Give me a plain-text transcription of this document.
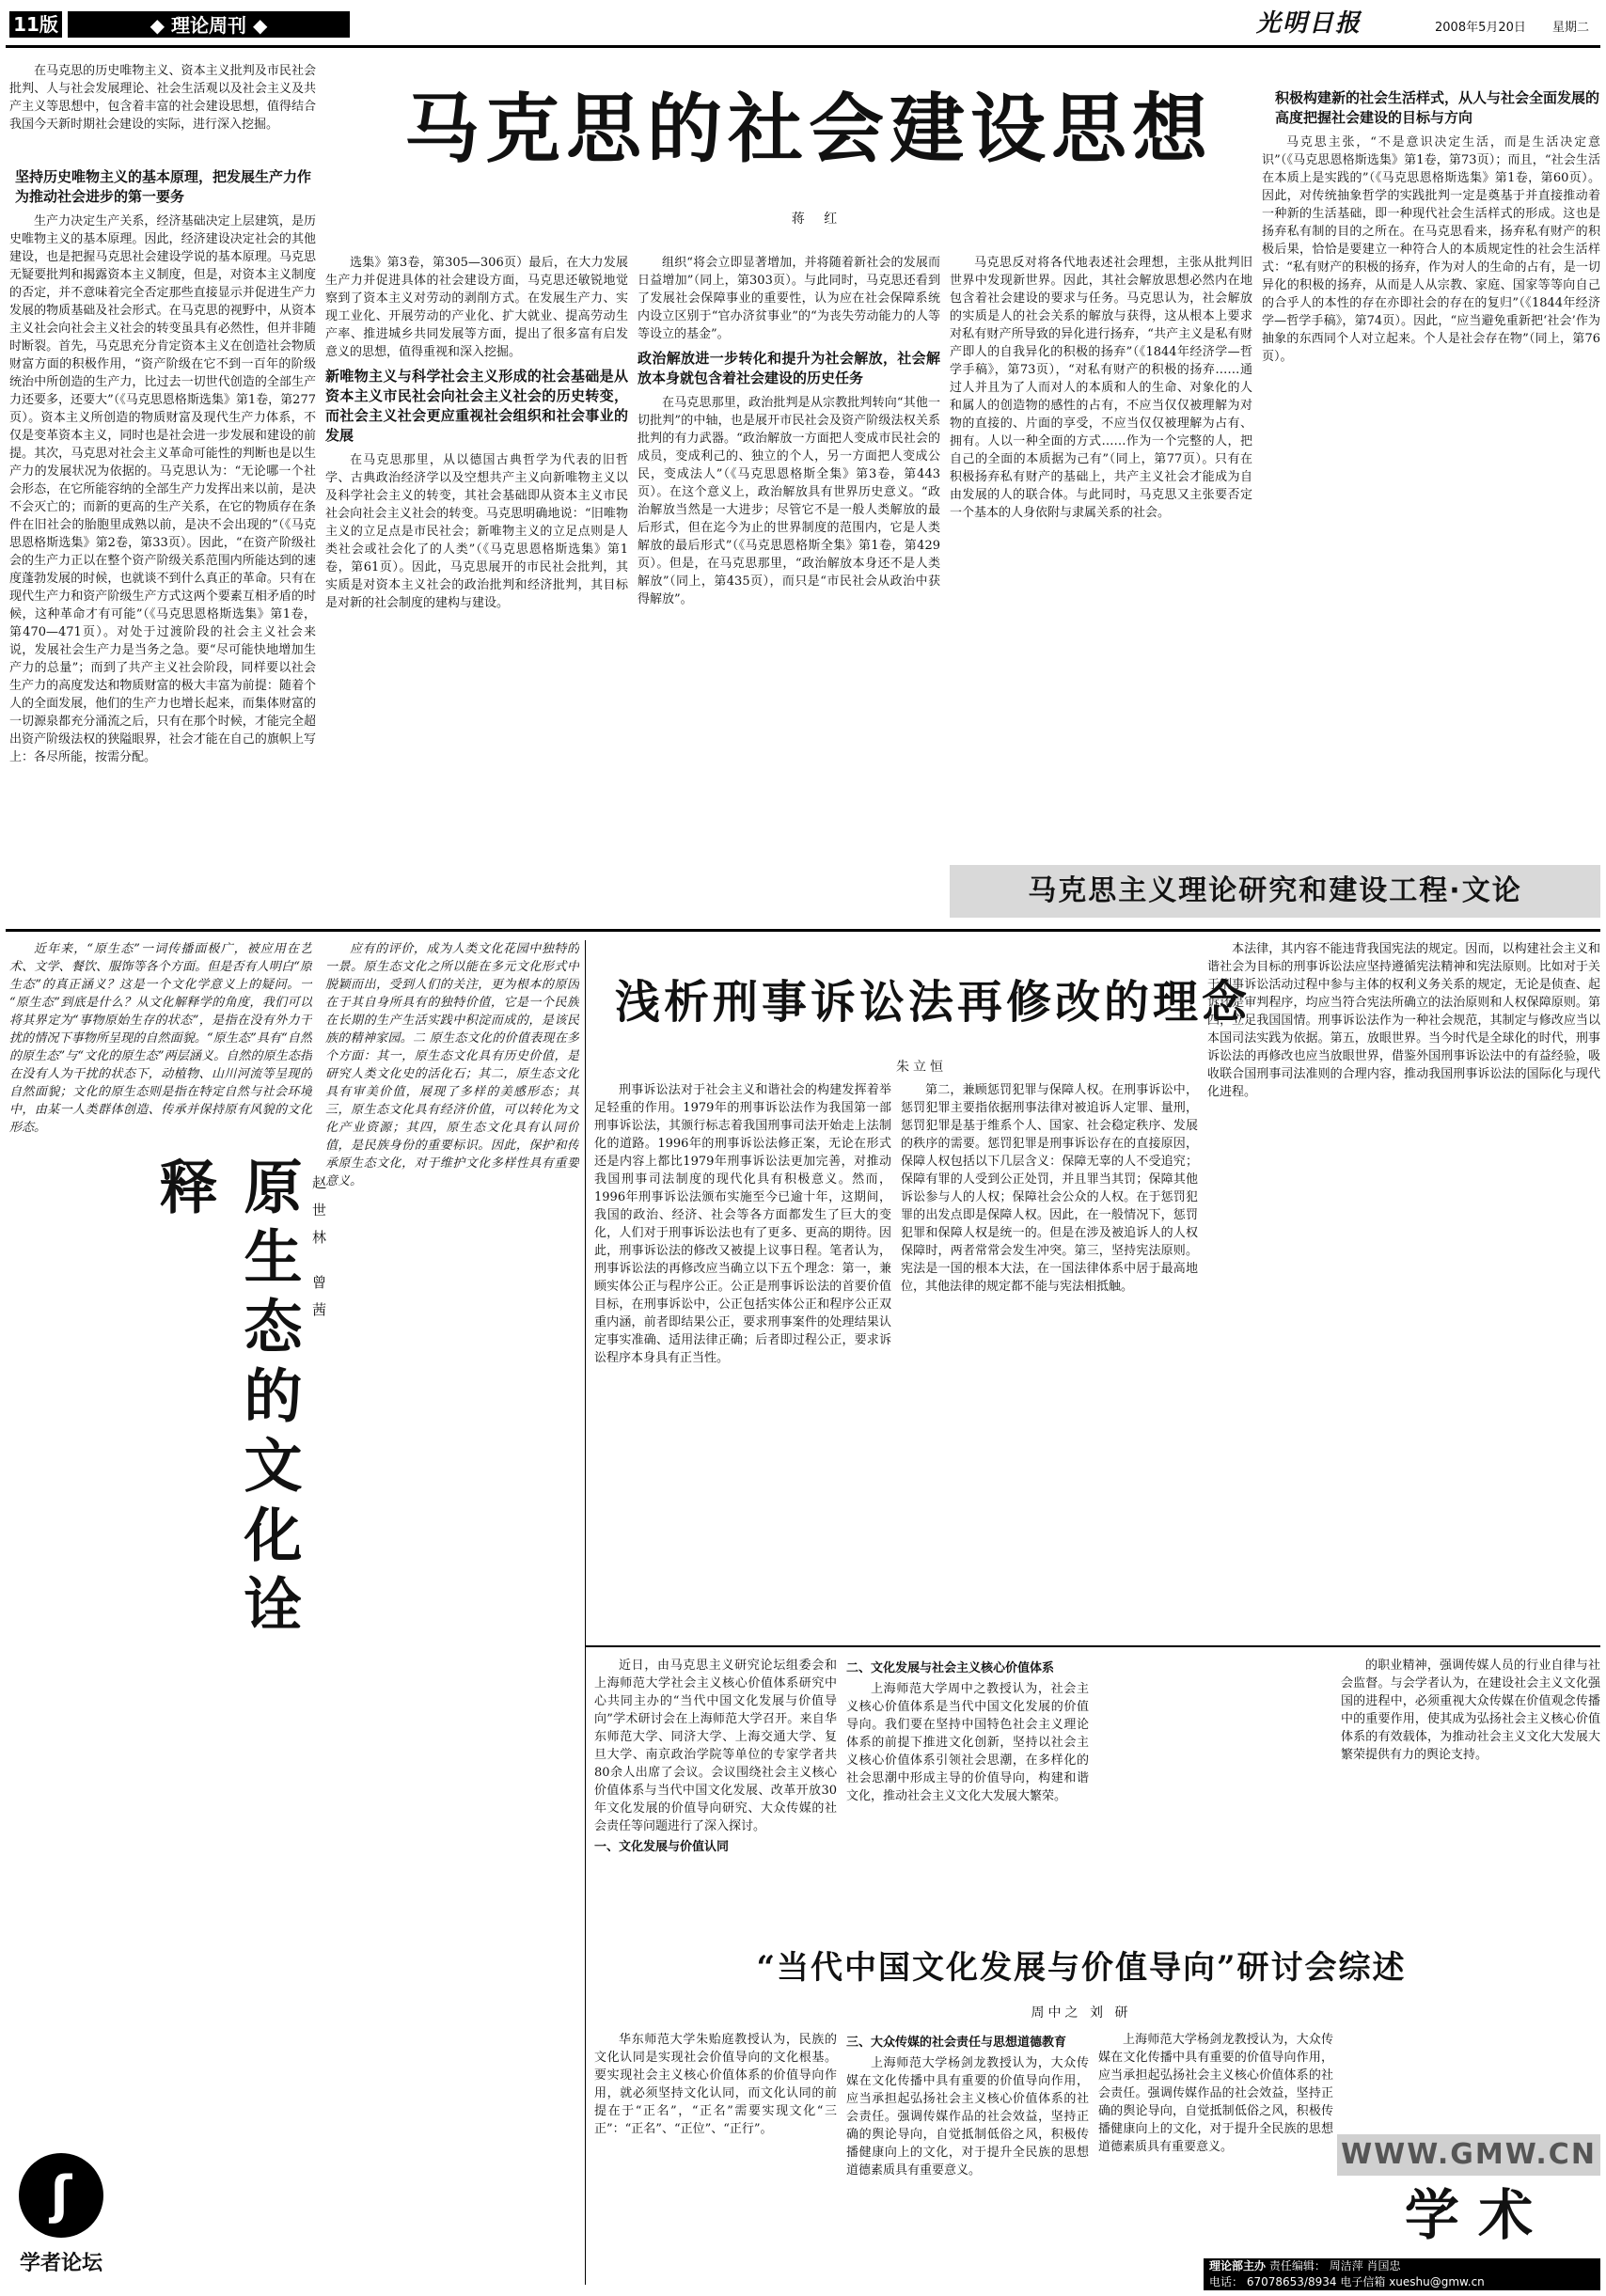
11版	◆ 理论周刊 ◆	光明日报	2008年5月20日	星期二
马克思的社会建设思想
蒋 红

在马克思的历史唯物主义、资本主义批判及市民社会批判、人与社会发展理论、社会生活观以及社会主义及共产主义等思想中，包含着丰富的社会建设思想，值得结合我国今天新时期社会建设的实际，进行深入挖掘。

坚持历史唯物主义的基本原理，把发展生产力作为推动社会进步的第一要务

生产力决定生产关系，经济基础决定上层建筑，是历史唯物主义的基本原理。因此，经济建设决定社会的其他建设，也是把握马克思社会建设学说的基本原理。马克思无疑要批判和揭露资本主义制度，但是，对资本主义制度的否定，并不意味着完全否定那些直接显示并促进生产力发展的物质基础及社会形式。在马克思的视野中，从资本主义社会向社会主义社会的转变虽具有必然性，但并非随时断裂。首先，马克思充分肯定资本主义在创造社会物质财富方面的积极作用，“资产阶级在它不到一百年的阶级统治中所创造的生产力，比过去一切世代创造的全部生产力还要多，还要大”（《马克思恩格斯选集》第1卷，第277页）。资本主义所创造的物质财富及现代生产力体系，不仅是变革资本主义，同时也是社会进一步发展和建设的前提。其次，马克思对社会主义革命可能性的判断也是以生产力的发展状况为依据的。马克思认为：“无论哪一个社会形态，在它所能容纳的全部生产力发挥出来以前，是决不会灭亡的；而新的更高的生产关系，在它的物质存在条件在旧社会的胎胞里成熟以前，是决不会出现的”（《马克思恩格斯选集》第2卷，第33页）。因此，“在资产阶级社会的生产力正以在整个资产阶级关系范围内所能达到的速度蓬勃发展的时候，也就谈不到什么真正的革命。只有在现代生产力和资产阶级生产方式这两个要素互相矛盾的时候，这种革命才有可能”（《马克思恩格斯选集》第1卷，第470—471页）。对处于过渡阶段的社会主义社会来说，发展社会生产力是当务之急。要“尽可能快地增加生产力的总量”；而到了共产主义社会阶段，同样要以社会生产力的高度发达和物质财富的极大丰富为前提：随着个人的全面发展，他们的生产力也增长起来，而集体财富的一切源泉都充分涌流之后，只有在那个时候，才能完全超出资产阶级法权的狭隘眼界，社会才能在自己的旗帜上写上：各尽所能，按需分配。

选集》第3卷，第305—306页）最后，在大力发展生产力并促进具体的社会建设方面，马克思还敏锐地觉察到了资本主义对劳动的剥削方式。在发展生产力、实现工业化、开展劳动的产业化、扩大就业、提高劳动生产率、推进城乡共同发展等方面，提出了很多富有启发意义的思想，值得重视和深入挖掘。

新唯物主义与科学社会主义形成的社会基础是从资本主义市民社会向社会主义社会的历史转变，而社会主义社会更应重视社会组织和社会事业的发展

在马克思那里，从以德国古典哲学为代表的旧哲学、古典政治经济学以及空想共产主义向新唯物主义以及科学社会主义的转变，其社会基础即从资本主义市民社会向社会主义社会的转变。马克思明确地说：“旧唯物主义的立足点是市民社会；新唯物主义的立足点则是人类社会或社会化了的人类”（《马克思恩格斯选集》第1卷，第61页）。因此，马克思展开的市民社会批判，其实质是对资本主义社会的政治批判和经济批判，其目标是对新的社会制度的建构与建设。

组织“将会立即显著增加，并将随着新社会的发展而日益增加”（同上，第303页）。与此同时，马克思还看到了发展社会保障事业的重要性，认为应在社会保障系统内设立区别于“官办济贫事业”的“为丧失劳动能力的人等等设立的基金”。

政治解放进一步转化和提升为社会解放，社会解放本身就包含着社会建设的历史任务

在马克思那里，政治批判是从宗教批判转向“其他一切批判”的中轴，也是展开市民社会及资产阶级法权关系批判的有力武器。“政治解放一方面把人变成市民社会的成员，变成利己的、独立的个人，另一方面把人变成公民，变成法人”（《马克思恩格斯全集》第3卷，第443页）。在这个意义上，政治解放具有世界历史意义。“政治解放当然是一大进步；尽管它不是一般人类解放的最后形式，但在迄今为止的世界制度的范围内，它是人类解放的最后形式”（《马克思恩格斯全集》第1卷，第429页）。但是，在马克思那里，“政治解放本身还不是人类解放”（同上，第435页），而只是“市民社会从政治中获得解放”。

马克思反对将各代地表述社会理想，主张从批判旧世界中发现新世界。因此，其社会解放思想必然内在地包含着社会建设的要求与任务。马克思认为，社会解放的实质是人的社会关系的解放与获得，这从根本上要求对私有财产所导致的异化进行扬弃，“共产主义是私有财产即人的自我异化的积极的扬弃”（《1844年经济学—哲学手稿》，第73页），“对私有财产的积极的扬弃……通过人并且为了人而对人的本质和人的生命、对象化的人和属人的创造物的感性的占有，不应当仅仅被理解为对物的直接的、片面的享受，不应当仅仅被理解为占有、拥有。人以一种全面的方式……作为一个完整的人，把自己的全面的本质据为己有”（同上，第77页）。只有在积极扬弃私有财产的基础上，共产主义社会才能成为自由发展的人的联合体。与此同时，马克思又主张要否定一个基本的人身依附与隶属关系的社会。

积极构建新的社会生活样式，从人与社会全面发展的高度把握社会建设的目标与方向

马克思主张，“不是意识决定生活，而是生活决定意识”（《马克思恩格斯选集》第1卷，第73页）；而且，“社会生活在本质上是实践的”（《马克思恩格斯选集》第1卷，第60页）。因此，对传统抽象哲学的实践批判一定是奠基于并直接推动着一种新的生活基础，即一种现代社会生活样式的形成。这也是扬弃私有制的目的之所在。在马克思看来，扬弃私有财产的积极后果，恰恰是要建立一种符合人的本质规定性的社会生活样式：“私有财产的积极的扬弃，作为对人的生命的占有，是一切异化的积极的扬弃，从而是人从宗教、家庭、国家等等向自己的合乎人的本性的存在亦即社会的存在的复归”（《1844年经济学—哲学手稿》，第74页）。因此，“应当避免重新把‘社会’作为抽象的东西同个人对立起来。个人是社会存在物”（同上，第76页）。

马克思主义理论研究和建设工程·文论

近年来，“原生态”一词传播面极广，被应用在艺术、文学、餐饮、服饰等各个方面。但是否有人明白“原生态”的真正涵义？这是一个文化学意义上的疑问。一 “原生态”到底是什么？从文化解释学的角度，我们可以将其界定为“事物原始生存的状态”，是指在没有外力干扰的情况下事物所呈现的自然面貌。“原生态”具有“自然的原生态”与“文化的原生态”两层涵义。自然的原生态指在没有人为干扰的状态下，动植物、山川河流等呈现的自然面貌；文化的原生态则是指在特定自然与社会环境中，由某一人类群体创造、传承并保持原有风貌的文化形态。

原生态的文化诠释	赵世林 曾茜

应有的评价，成为人类文化花园中独特的一景。原生态文化之所以能在多元文化形式中脱颖而出，受到人们的关注，更为根本的原因在于其自身所具有的独特价值，它是一个民族在长期的生产生活实践中积淀而成的，是该民族的精神家园。二 原生态文化的价值表现在多个方面：其一，原生态文化具有历史价值，是研究人类文化史的活化石；其二，原生态文化具有审美价值，展现了多样的美感形态；其三，原生态文化具有经济价值，可以转化为文化产业资源；其四，原生态文化具有认同价值，是民族身份的重要标识。因此，保护和传承原生态文化，对于维护文化多样性具有重要意义。

浅析刑事诉讼法再修改的理念
朱立恒

刑事诉讼法对于社会主义和谐社会的构建发挥着举足轻重的作用。1979年的刑事诉讼法作为我国第一部刑事诉讼法，其颁行标志着我国刑事司法开始走上法制化的道路。1996年的刑事诉讼法修正案，无论在形式还是内容上都比1979年刑事诉讼法更加完善，对推动我国刑事司法制度的现代化具有积极意义。然而，1996年刑事诉讼法颁布实施至今已逾十年，这期间，我国的政治、经济、社会等各方面都发生了巨大的变化，人们对于刑事诉讼法也有了更多、更高的期待。因此，刑事诉讼法的修改又被提上议事日程。笔者认为，刑事诉讼法的再修改应当确立以下五个理念：第一，兼顾实体公正与程序公正。公正是刑事诉讼法的首要价值目标，在刑事诉讼中，公正包括实体公正和程序公正双重内涵，前者即结果公正，要求刑事案件的处理结果认定事实准确、适用法律正确；后者即过程公正，要求诉讼程序本身具有正当性。

第二，兼顾惩罚犯罪与保障人权。在刑事诉讼中，惩罚犯罪主要指依据刑事法律对被追诉人定罪、量刑，惩罚犯罪是基于维系个人、国家、社会稳定秩序、发展的秩序的需要。惩罚犯罪是刑事诉讼存在的直接原因，保障人权包括以下几层含义：保障无辜的人不受追究；保障有罪的人受到公正处罚，并且罪当其罚；保障其他诉讼参与人的人权；保障社会公众的人权。在于惩罚犯罪的出发点即是保障人权。因此，在一般情况下，惩罚犯罪和保障人权是统一的。但是在涉及被追诉人的人权保障时，两者常常会发生冲突。第三，坚持宪法原则。宪法是一国的根本大法，在一国法律体系中居于最高地位，其他法律的规定都不能与宪法相抵触。

本法律，其内容不能违背我国宪法的规定。因而，以构建社会主义和谐社会为目标的刑事诉讼法应坚持遵循宪法精神和宪法原则。比如对于关于刑事诉讼活动过程中参与主体的权利义务关系的规定，无论是侦查、起诉还是审判程序，均应当符合宪法所确立的法治原则和人权保障原则。第四，立足我国国情。刑事诉讼法作为一种社会规范，其制定与修改应当以本国司法实践为依据。第五，放眼世界。当今时代是全球化的时代，刑事诉讼法的再修改也应当放眼世界，借鉴外国刑事诉讼法中的有益经验，吸收联合国刑事司法准则的合理内容，推动我国刑事诉讼法的国际化与现代化进程。

近日，由马克思主义研究论坛组委会和上海师范大学社会主义核心价值体系研究中心共同主办的“当代中国文化发展与价值导向”学术研讨会在上海师范大学召开。来自华东师范大学、同济大学、上海交通大学、复旦大学、南京政治学院等单位的专家学者共80余人出席了会议。会议围绕社会主义核心价值体系与当代中国文化发展、改革开放30年文化发展的价值导向研究、大众传媒的社会责任等问题进行了深入探讨。

一、文化发展与价值认同
二、文化发展与社会主义核心价值体系

上海师范大学周中之教授认为，社会主义核心价值体系是当代中国文化发展的价值导向。我们要在坚持中国特色社会主义理论体系的前提下推进文化创新，坚持以社会主义核心价值体系引领社会思潮，在多样化的社会思潮中形成主导的价值导向，构建和谐文化，推动社会主义文化大发展大繁荣。

的职业精神，强调传媒人员的行业自律与社会监督。与会学者认为，在建设社会主义文化强国的进程中，必须重视大众传媒在价值观念传播中的重要作用，使其成为弘扬社会主义核心价值体系的有效载体，为推动社会主义文化大发展大繁荣提供有力的舆论支持。

“当代中国文化发展与价值导向”研讨会综述
周中之 刘 研

华东师范大学朱贻庭教授认为，民族的文化认同是实现社会价值导向的文化根基。要实现社会主义核心价值体系的价值导向作用，就必须坚持文化认同，而文化认同的前提在于“正名”，“正名”需要实现文化“三正”：“正名”、“正位”、“正行”。

三、大众传媒的社会责任与思想道德教育

上海师范大学杨剑龙教授认为，大众传媒在文化传播中具有重要的价值导向作用，应当承担起弘扬社会主义核心价值体系的社会责任。强调传媒作品的社会效益，坚持正确的舆论导向，自觉抵制低俗之风，积极传播健康向上的文化，对于提升全民族的思想道德素质具有重要意义。

上海师范大学杨剑龙教授认为，大众传媒在文化传播中具有重要的价值导向作用，应当承担起弘扬社会主义核心价值体系的社会责任。强调传媒作品的社会效益，坚持正确的舆论导向，自觉抵制低俗之风，积极传播健康向上的文化，对于提升全民族的思想道德素质具有重要意义。

ʃ
学者论坛
WWW.GMW.CN
学 术
理论部主办 责任编辑： 周洁萍 肖国忠
电话： 67078653/8934 电子信箱 xueshu@gmw.cn
